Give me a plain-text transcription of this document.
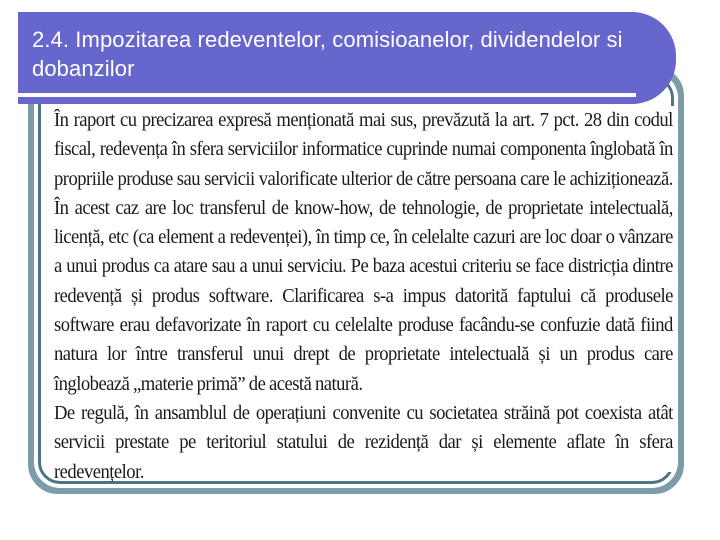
În raport cu precizarea expresă menționată mai sus, prevăzută la art. 7 pct. 28 din codul fiscal, redevența în sfera serviciilor informatice cuprinde numai componenta înglobată în propriile produse sau servicii valorificate ulterior de către persoana care le achiziționează. În acest caz are loc transferul de know-how, de tehnologie, de proprietate intelectuală, licență, etc (ca element a redevenței), în timp ce, în celelalte cazuri are loc doar o vânzare a unui produs ca atare sau a unui serviciu. Pe baza acestui criteriu se face districția dintre redevență și produs software. Clarificarea s-a impus datorită faptului că produsele software erau defavorizate în raport cu celelalte produse facându-se confuzie dată fiind natura lor între transferul unui drept de proprietate intelectuală și un produs care înglobează „materie primă” de acestă natură.

De regulă, în ansamblul de operațiuni convenite cu societatea străină pot coexista atât servicii prestate pe teritoriul statului de rezidență dar și elemente aflate în sfera redevențelor.

2.4. Impozitarea redeventelor, comisioanelor, dividendelor si dobanzilor
